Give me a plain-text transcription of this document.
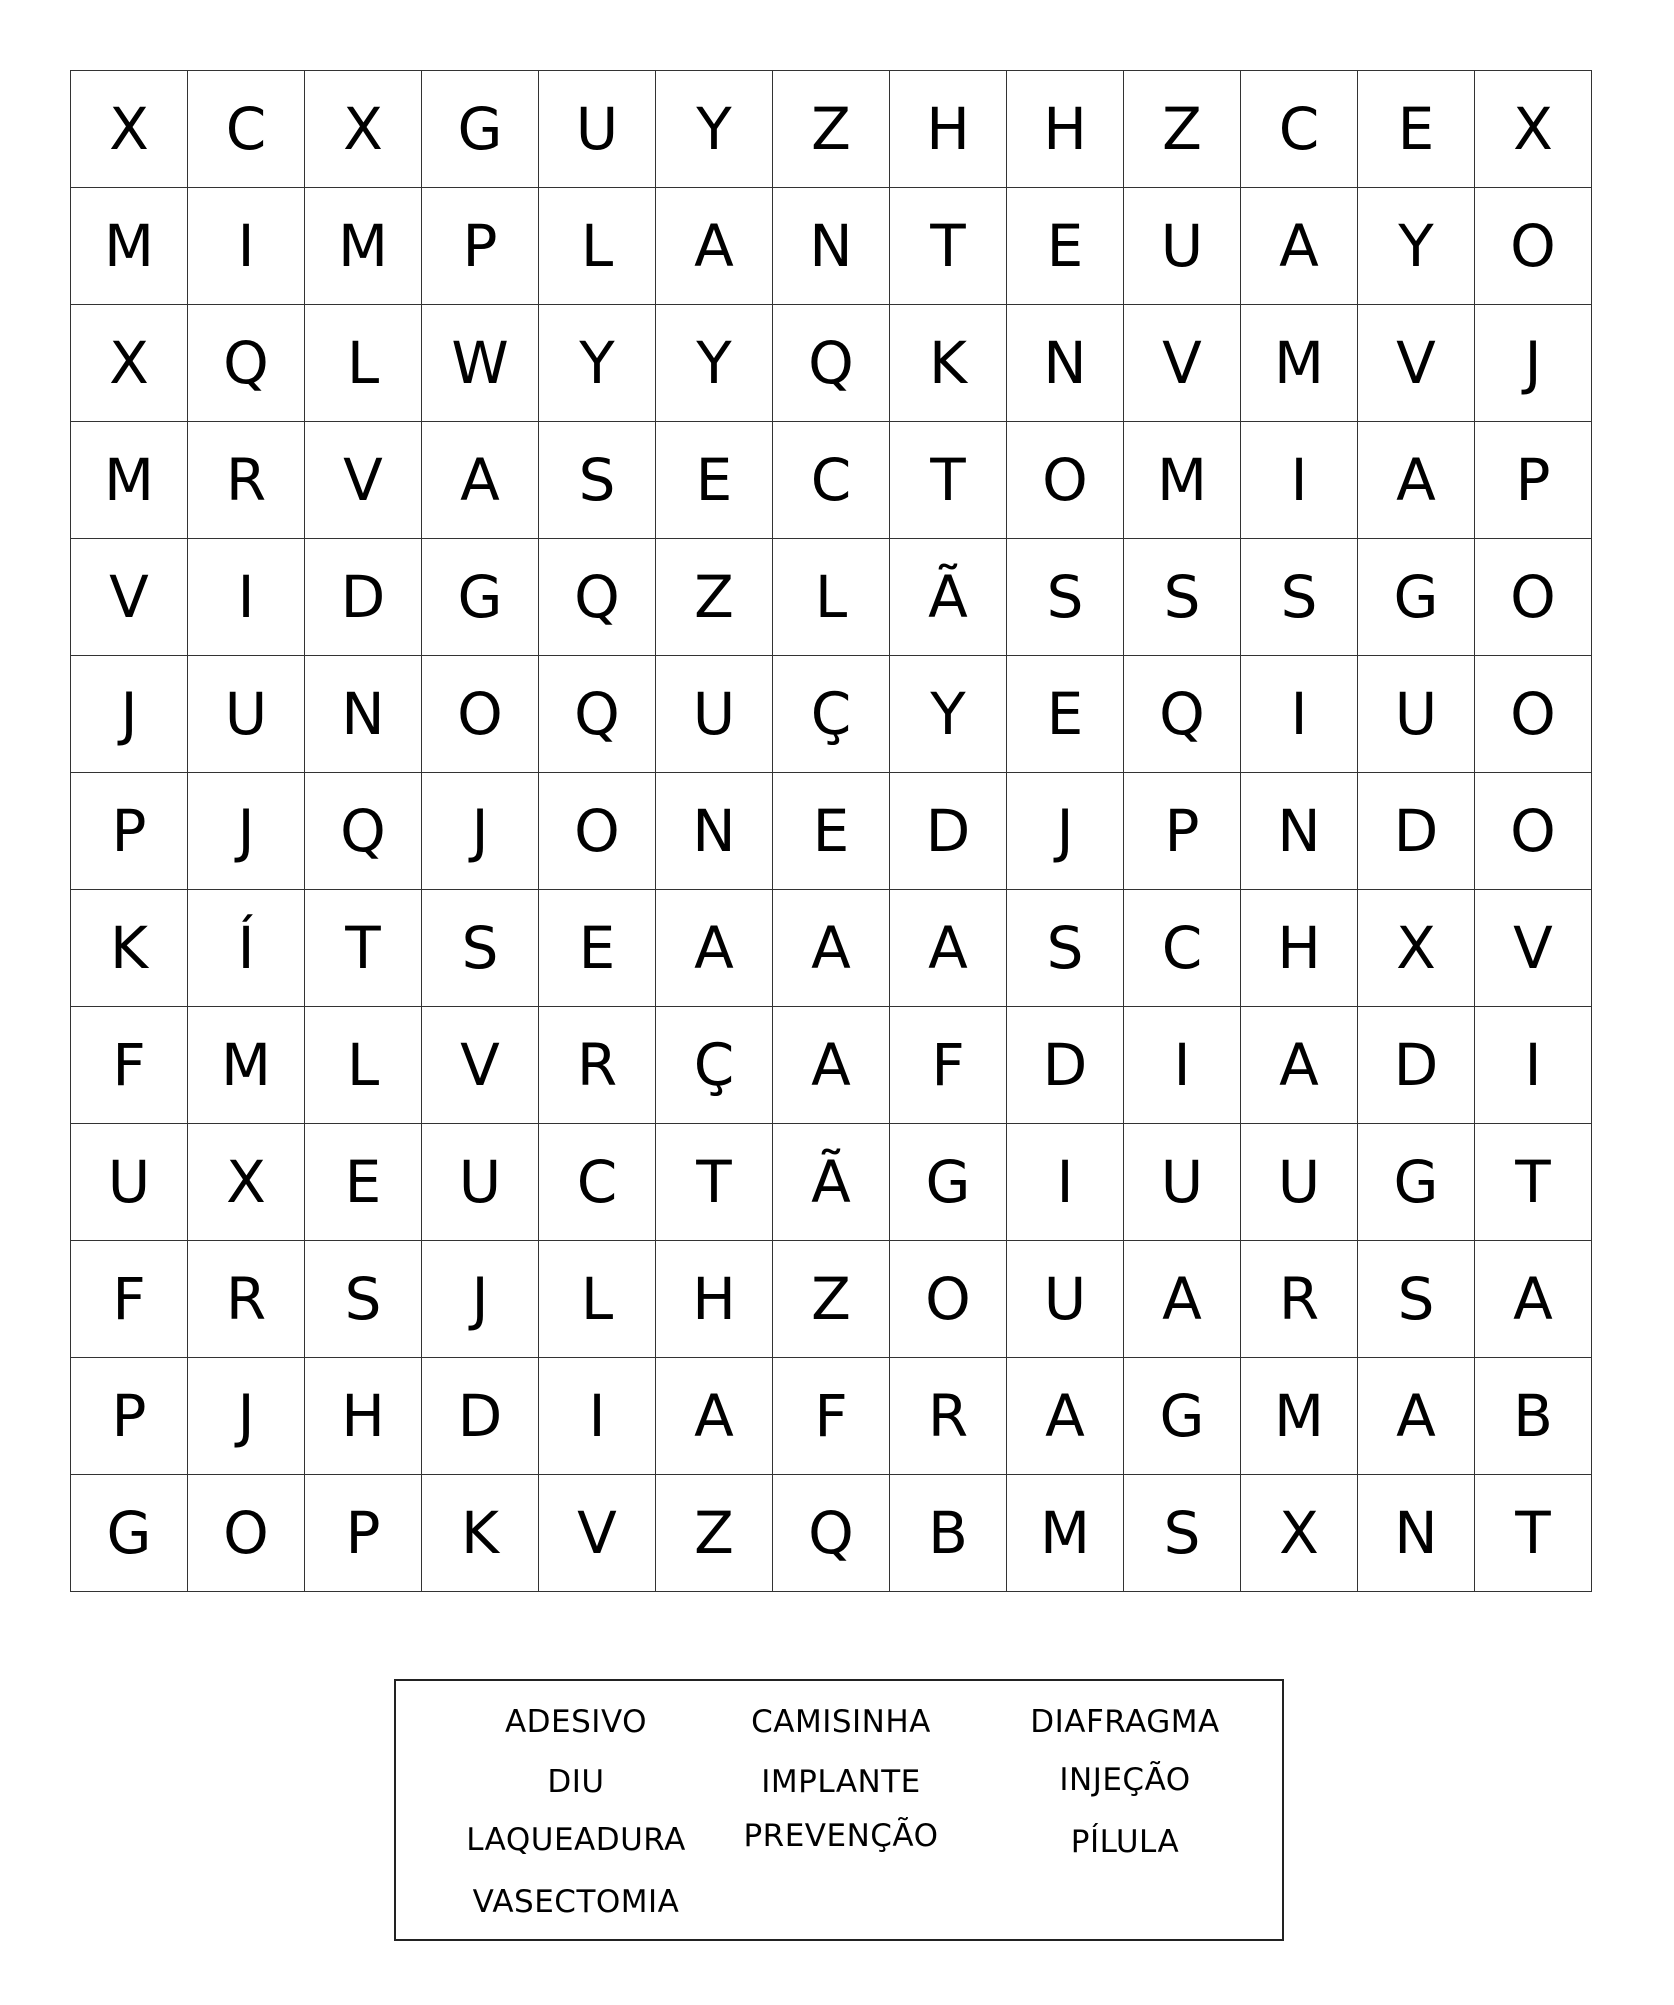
X	C	X	G	U	Y	Z	H	H	Z	C	E	X
M	I	M	P	L	A	N	T	E	U	A	Y	O
X	Q	L	W	Y	Y	Q	K	N	V	M	V	J
M	R	V	A	S	E	C	T	O	M	I	A	P
V	I	D	G	Q	Z	L	Ã	S	S	S	G	O
J	U	N	O	Q	U	Ç	Y	E	Q	I	U	O
P	J	Q	J	O	N	E	D	J	P	N	D	O
K	Í	T	S	E	A	A	A	S	C	H	X	V
F	M	L	V	R	Ç	A	F	D	I	A	D	I
U	X	E	U	C	T	Ã	G	I	U	U	G	T
F	R	S	J	L	H	Z	O	U	A	R	S	A
P	J	H	D	I	A	F	R	A	G	M	A	B
G	O	P	K	V	Z	Q	B	M	S	X	N	T
ADESIVO
DIU
LAQUEADURA
VASECTOMIA
CAMISINHA
IMPLANTE
PREVENÇÃO
DIAFRAGMA
INJEÇÃO
PÍLULA
